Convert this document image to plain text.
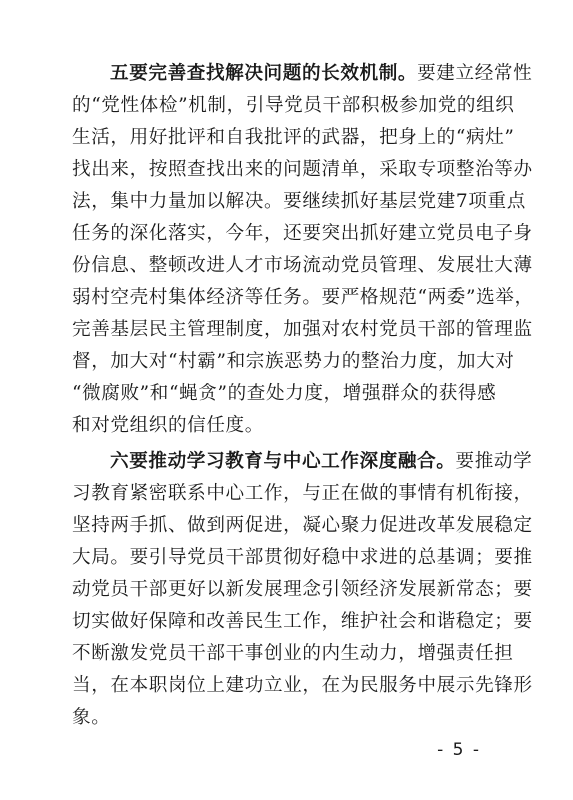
五要完善查找解决问题的长效机制。要建立经常性
的“党性体检”机制，引导党员干部积极参加党的组织
生活，用好批评和自我批评的武器，把身上的“病灶”
找出来，按照查找出来的问题清单，采取专项整治等办
法，集中力量加以解决。要继续抓好基层党建7项重点
任务的深化落实，今年，还要突出抓好建立党员电子身
份信息、整顿改进人才市场流动党员管理、发展壮大薄
弱村空壳村集体经济等任务。要严格规范“两委”选举，
完善基层民主管理制度，加强对农村党员干部的管理监
督，加大对“村霸”和宗族恶势力的整治力度，加大对
“微腐败”和“蝇贪”的查处力度，增强群众的获得感
和对党组织的信任度。
六要推动学习教育与中心工作深度融合。要推动学
习教育紧密联系中心工作，与正在做的事情有机衔接，
坚持两手抓、做到两促进，凝心聚力促进改革发展稳定
大局。要引导党员干部贯彻好稳中求进的总基调；要推
动党员干部更好以新发展理念引领经济发展新常态；要
切实做好保障和改善民生工作，维护社会和谐稳定；要
不断激发党员干部干事创业的内生动力，增强责任担
当，在本职岗位上建功立业，在为民服务中展示先锋形
象。
- 5 -
